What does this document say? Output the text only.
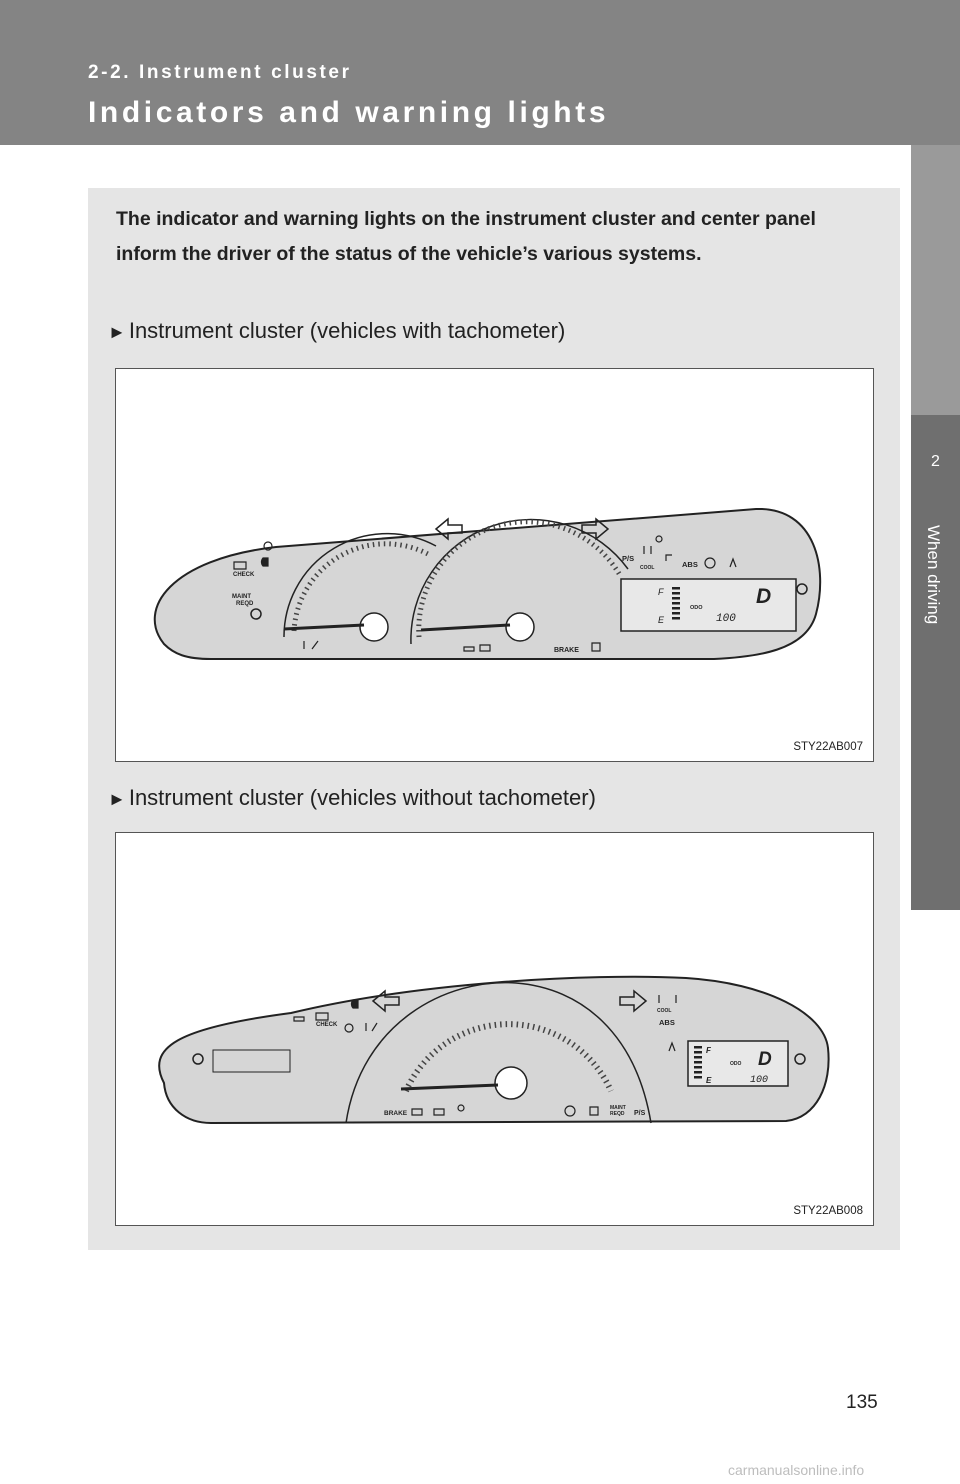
2-2. Instrument cluster
Indicators and warning lights
2
When driving
The indicator and warning lights on the instrument cluster and center panel inform the driver of the status of the vehicle’s various systems.
► Instrument cluster (vehicles with tachometer)
CHECK
MAINT
REQD
P/S
COOL	ABS
BRAKE
F
E
ODO
100
D
STY22AB007
► Instrument cluster (vehicles without tachometer)
CHECK
COOL
ABS
BRAKE
MAINT
REQD P/S
F
E
ODO
100
D
STY22AB008
135
carmanualsonline.info
